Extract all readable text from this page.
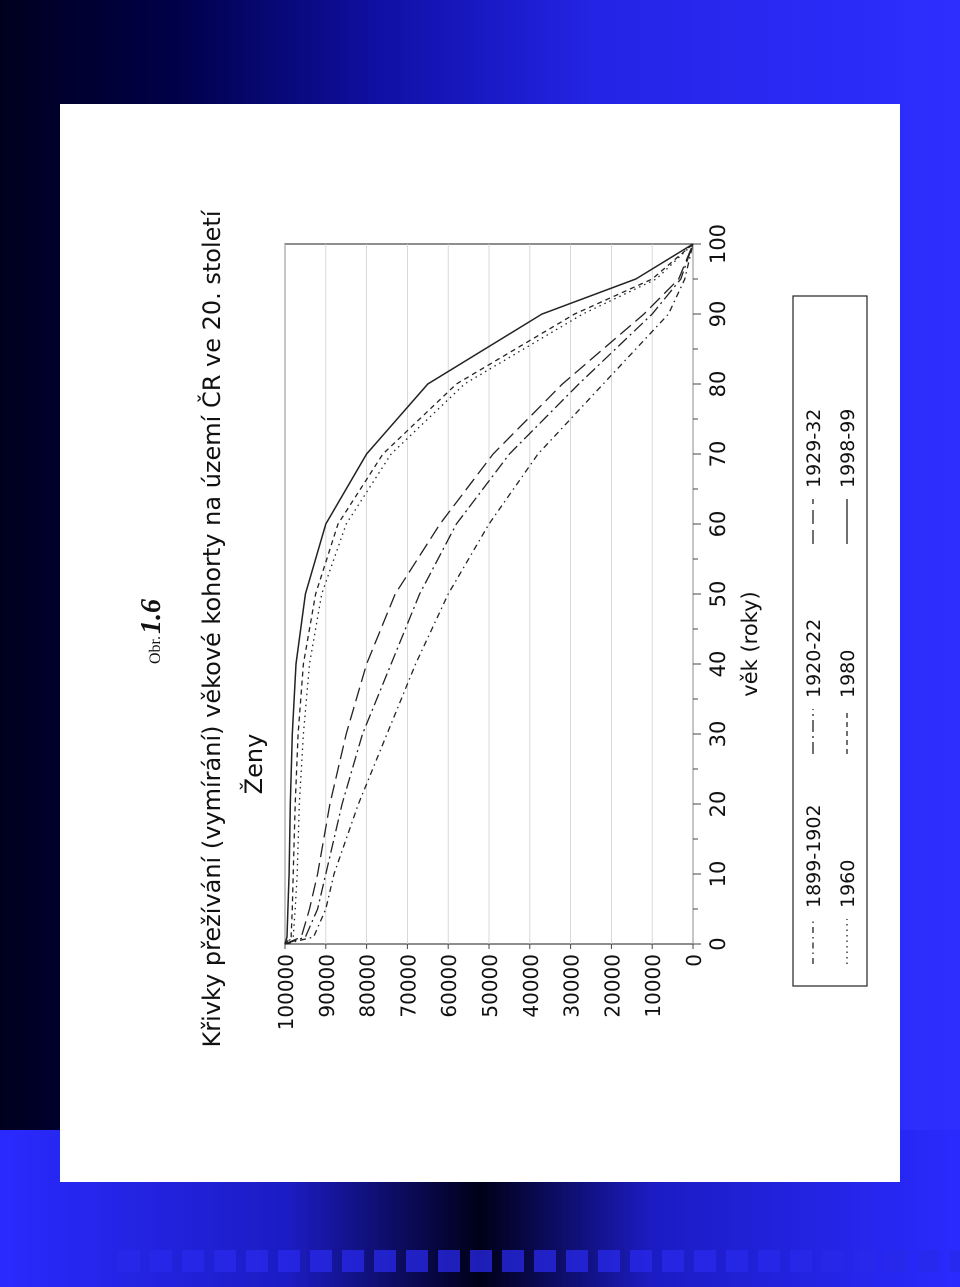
Obr.1.6 Křivky přežívání (vymírání) věkové kohorty na území ČR ve 20. století Ženy
0
10000
20000
30000
40000
50000
60000
70000
80000
90000
100000
0
10
20
30
40
50
60
70
80
90
100
věk (roky)
1899-1902
1920-22
1929-32
1960
1980
1998-99
